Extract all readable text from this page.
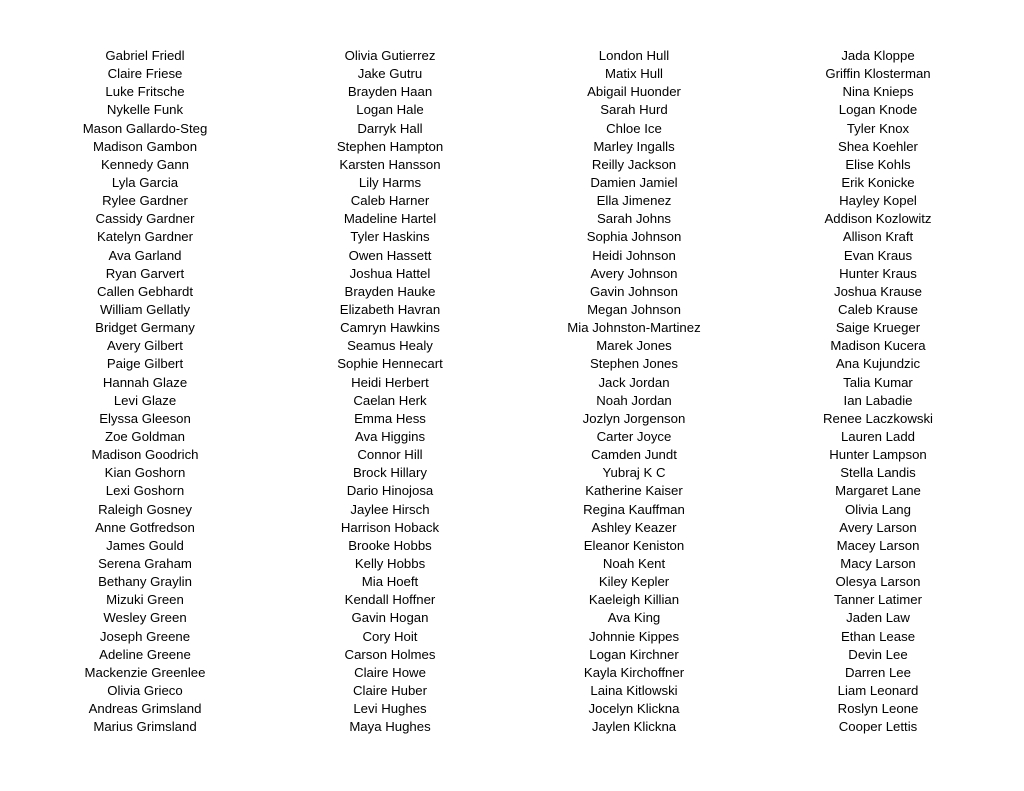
Gabriel Friedl
Claire Friese
Luke Fritsche
Nykelle Funk
Mason Gallardo-Steg
Madison Gambon
Kennedy Gann
Lyla Garcia
Rylee Gardner
Cassidy Gardner
Katelyn Gardner
Ava Garland
Ryan Garvert
Callen Gebhardt
William Gellatly
Bridget Germany
Avery Gilbert
Paige Gilbert
Hannah Glaze
Levi Glaze
Elyssa Gleeson
Zoe Goldman
Madison Goodrich
Kian Goshorn
Lexi Goshorn
Raleigh Gosney
Anne Gotfredson
James Gould
Serena Graham
Bethany Graylin
Mizuki Green
Wesley Green
Joseph Greene
Adeline Greene
Mackenzie Greenlee
Olivia Grieco
Andreas Grimsland
Marius Grimsland
Olivia Gutierrez
Jake Gutru
Brayden Haan
Logan Hale
Darryk Hall
Stephen Hampton
Karsten Hansson
Lily Harms
Caleb Harner
Madeline Hartel
Tyler Haskins
Owen Hassett
Joshua Hattel
Brayden Hauke
Elizabeth Havran
Camryn Hawkins
Seamus Healy
Sophie Hennecart
Heidi Herbert
Caelan Herk
Emma Hess
Ava Higgins
Connor Hill
Brock Hillary
Dario Hinojosa
Jaylee Hirsch
Harrison Hoback
Brooke Hobbs
Kelly Hobbs
Mia Hoeft
Kendall Hoffner
Gavin Hogan
Cory Hoit
Carson Holmes
Claire Howe
Claire Huber
Levi Hughes
Maya Hughes
London Hull
Matix Hull
Abigail Huonder
Sarah Hurd
Chloe Ice
Marley Ingalls
Reilly Jackson
Damien Jamiel
Ella Jimenez
Sarah Johns
Sophia Johnson
Heidi Johnson
Avery Johnson
Gavin Johnson
Megan Johnson
Mia Johnston-Martinez
Marek Jones
Stephen Jones
Jack Jordan
Noah Jordan
Jozlyn Jorgenson
Carter Joyce
Camden Jundt
Yubraj K C
Katherine Kaiser
Regina Kauffman
Ashley Keazer
Eleanor Keniston
Noah Kent
Kiley Kepler
Kaeleigh Killian
Ava King
Johnnie Kippes
Logan Kirchner
Kayla Kirchoffner
Laina Kitlowski
Jocelyn Klickna
Jaylen Klickna
Jada Kloppe
Griffin Klosterman
Nina Knieps
Logan Knode
Tyler Knox
Shea Koehler
Elise Kohls
Erik Konicke
Hayley Kopel
Addison Kozlowitz
Allison Kraft
Evan Kraus
Hunter Kraus
Joshua Krause
Caleb Krause
Saige Krueger
Madison Kucera
Ana Kujundzic
Talia Kumar
Ian Labadie
Renee Laczkowski
Lauren Ladd
Hunter Lampson
Stella Landis
Margaret Lane
Olivia Lang
Avery Larson
Macey Larson
Macy Larson
Olesya Larson
Tanner Latimer
Jaden Law
Ethan Lease
Devin Lee
Darren Lee
Liam Leonard
Roslyn Leone
Cooper Lettis
